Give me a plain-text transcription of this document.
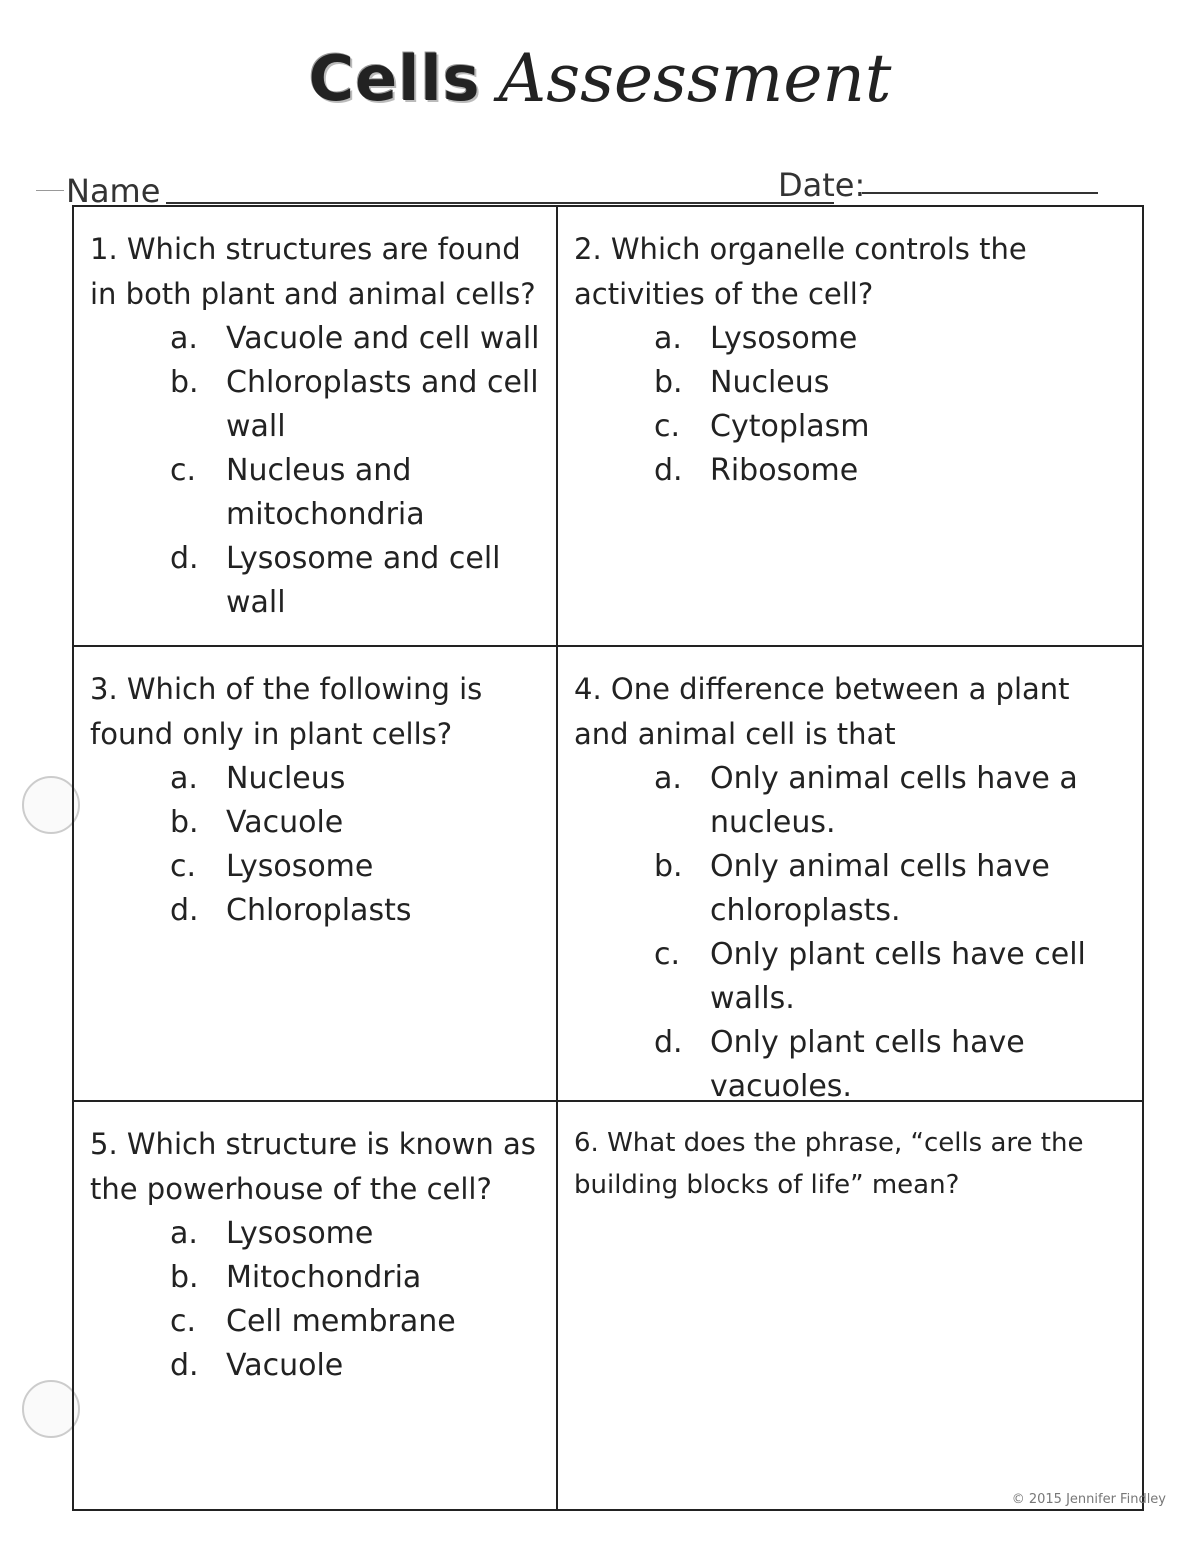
Cells Assessment
Name	Date:

1. Which structures are found in both plant and animal cells?

a. Vacuole and cell wall
b. Chloroplasts and cell wall
c. Nucleus and mitochondria
d. Lysosome and cell wall

2. Which organelle controls the activities of the cell?

a. Lysosome
b. Nucleus
c. Cytoplasm
d. Ribosome

3. Which of the following is found only in plant cells?

a. Nucleus
b. Vacuole
c. Lysosome
d. Chloroplasts

4. One difference between a plant and animal cell is that

a. Only animal cells have a nucleus.
b. Only animal cells have chloroplasts.
c. Only plant cells have cell walls.
d. Only plant cells have vacuoles.

5. Which structure is known as the powerhouse of the cell?

a. Lysosome
b. Mitochondria
c. Cell membrane
d. Vacuole

6. What does the phrase, “cells are the building blocks of life” mean?

© 2015 Jennifer Findley
